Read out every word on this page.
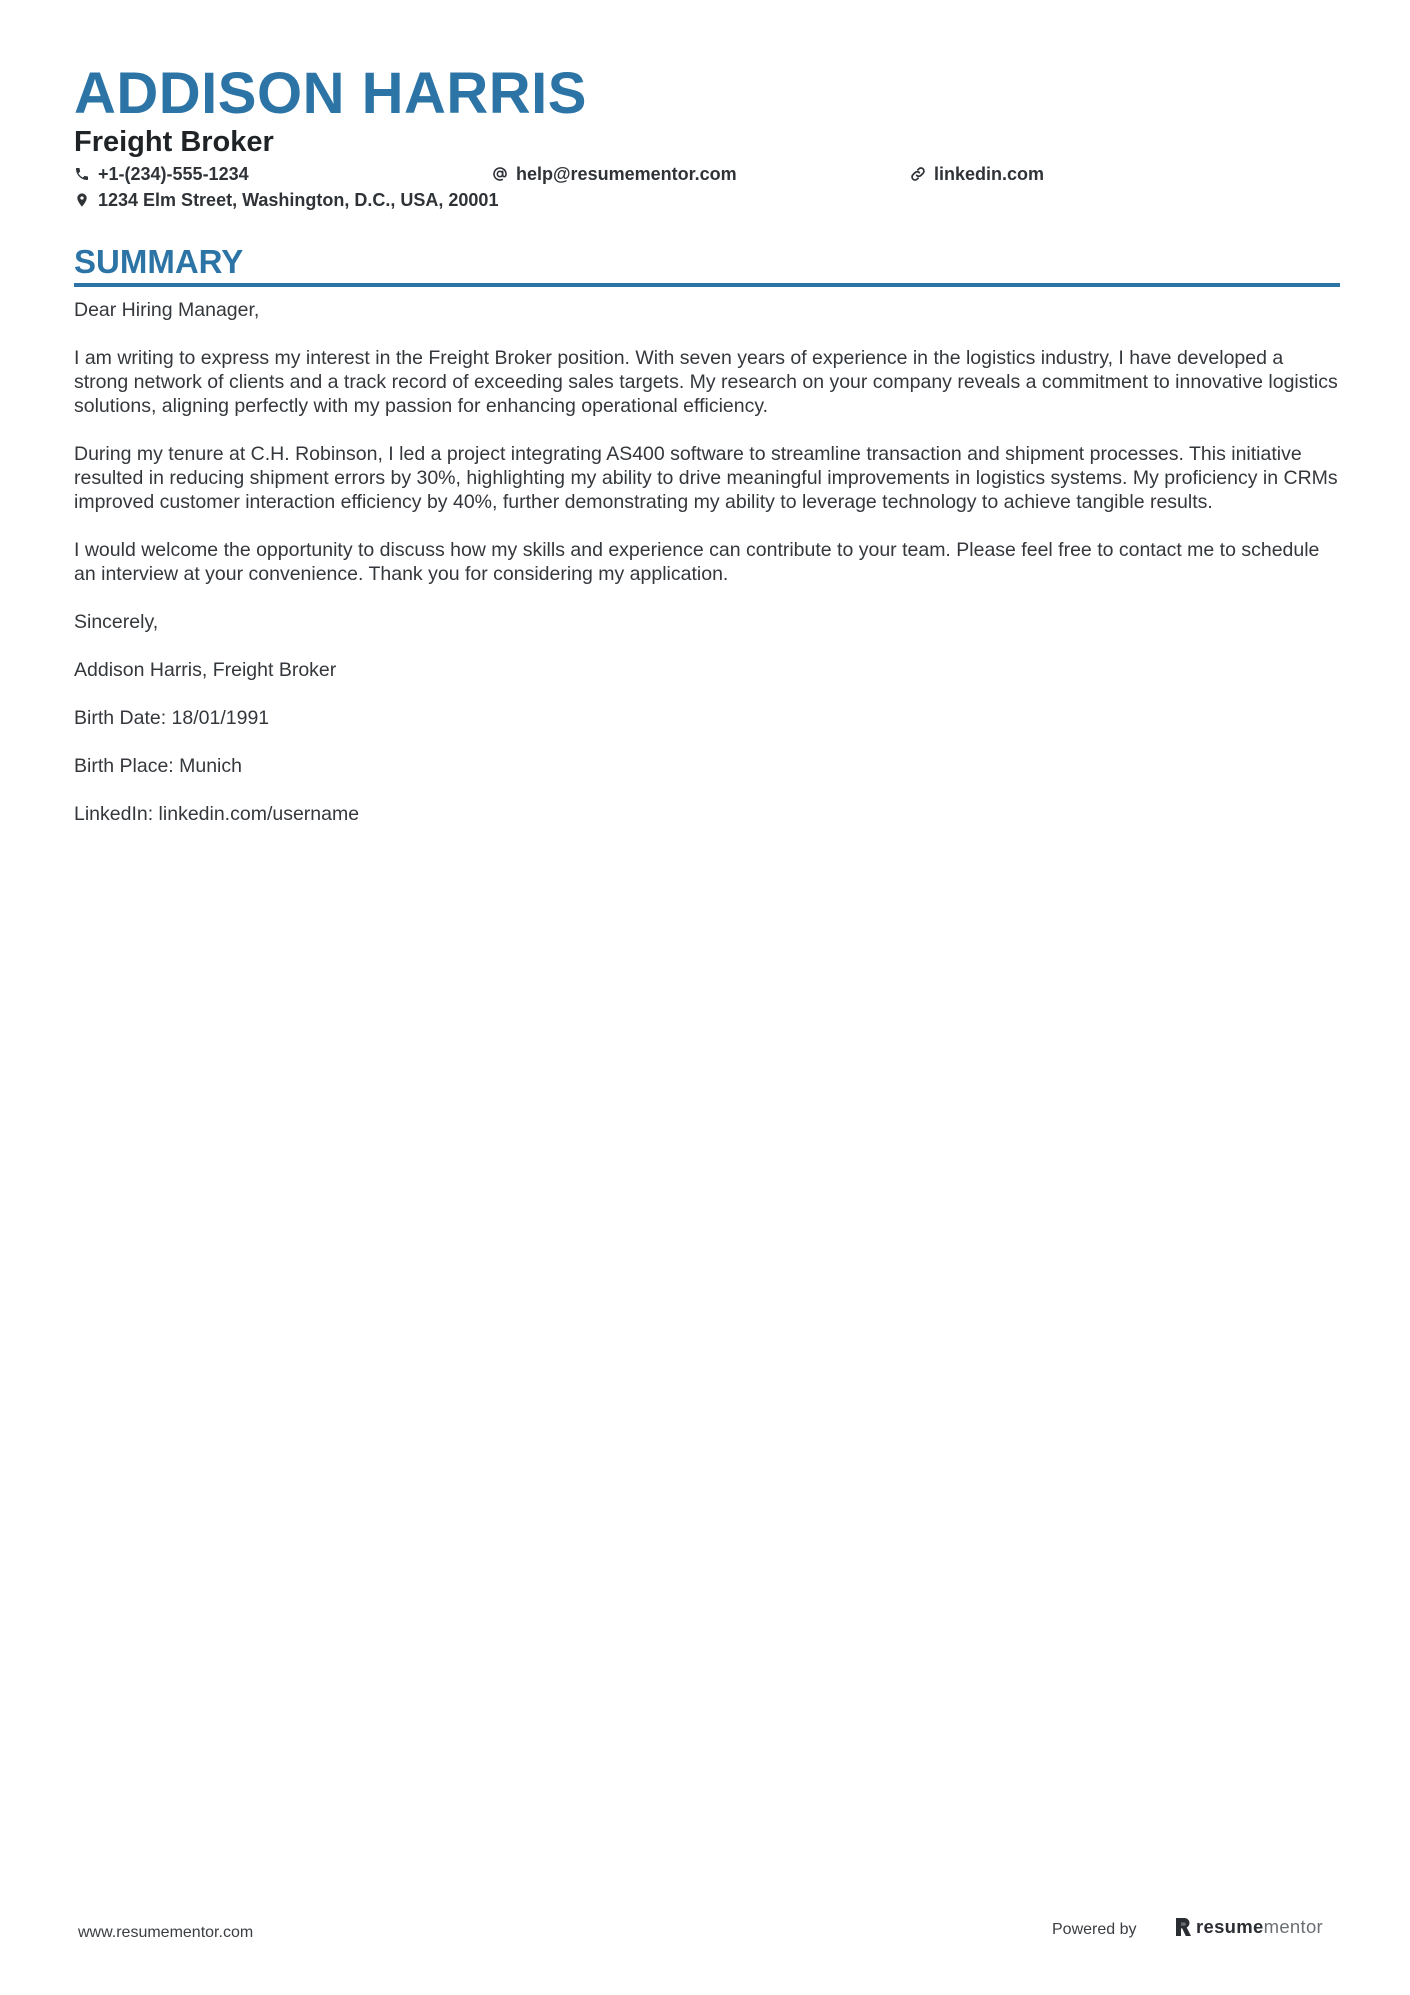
ADDISON HARRIS
Freight Broker
+1-(234)-555-1234	help@resumementor.com	linkedin.com
1234 Elm Street, Washington, D.C., USA, 20001
SUMMARY

Dear Hiring Manager,

I am writing to express my interest in the Freight Broker position. With seven years of experience in the logistics industry, I have developed a strong network of clients and a track record of exceeding sales targets. My research on your company reveals a commitment to innovative logistics solutions, aligning perfectly with my passion for enhancing operational efficiency.

During my tenure at C.H. Robinson, I led a project integrating AS400 software to streamline transaction and shipment processes. This initiative resulted in reducing shipment errors by 30%, highlighting my ability to drive meaningful improvements in logistics systems. My proficiency in CRMs improved customer interaction efficiency by 40%, further demonstrating my ability to leverage technology to achieve tangible results.

I would welcome the opportunity to discuss how my skills and experience can contribute to your team. Please feel free to contact me to schedule an interview at your convenience. Thank you for considering my application.

Sincerely,

Addison Harris, Freight Broker

Birth Date: 18/01/1991

Birth Place: Munich

LinkedIn: linkedin.com/username

www.resumementor.com	Powered by	resumementor
